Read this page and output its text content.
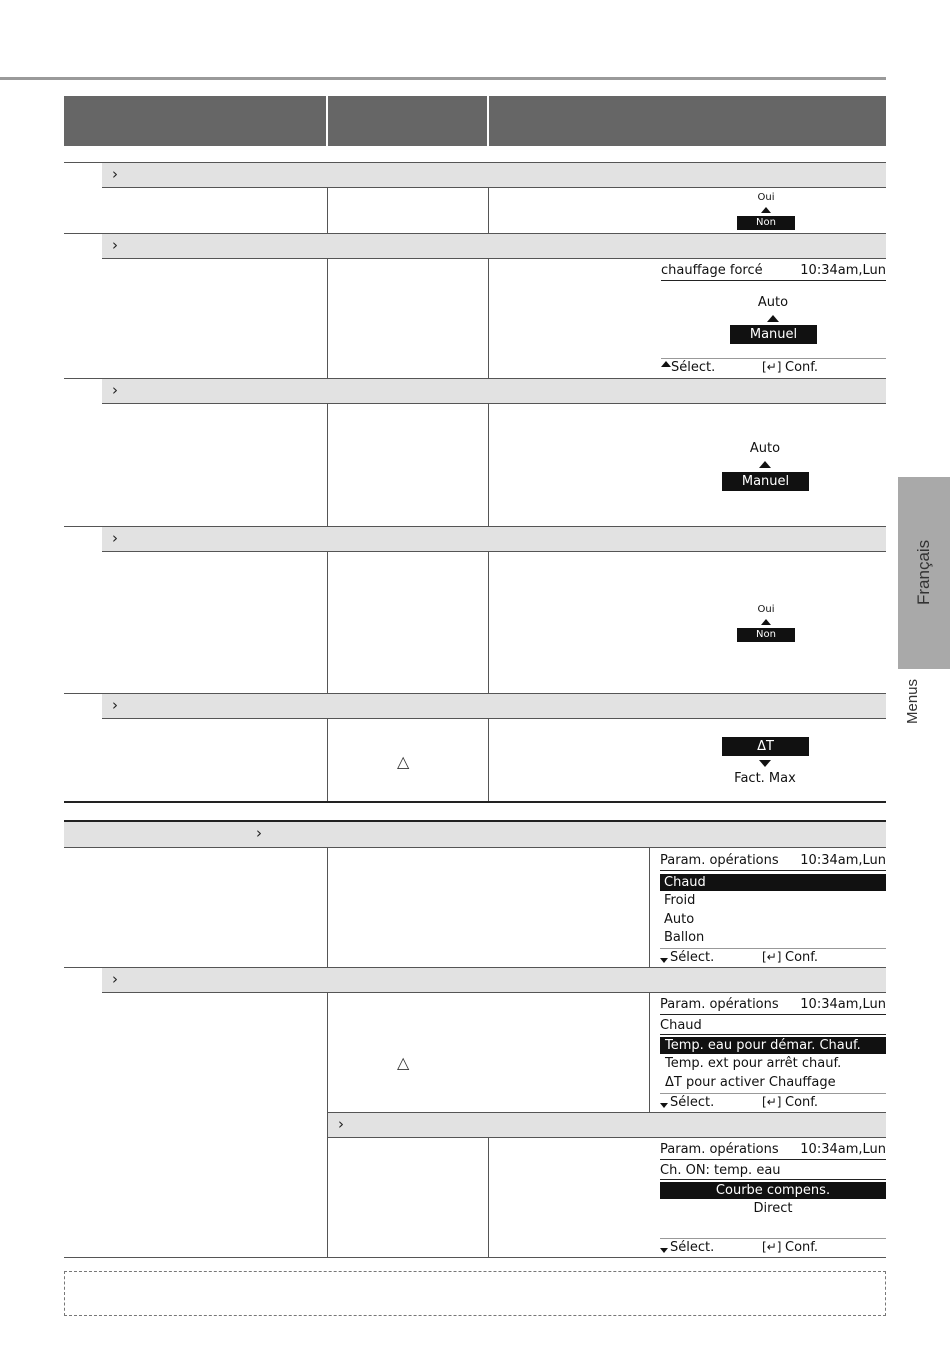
›
Oui
Non
›
chauffage forcé	10:34am,Lun
Auto
Manuel
Sélect.	[↵] Conf.
›
Auto
Manuel
›
Oui
Non
›
△
ΔT
Fact. Max
›
Param. opérations	10:34am,Lun
Chaud
Froid
Auto
Ballon
Sélect.	[↵] Conf.
›
△
Param. opérations	10:34am,Lun
Chaud
Temp. eau pour démar. Chauf.
Temp. ext pour arrêt chauf.
ΔT pour activer Chauffage
Sélect.	[↵] Conf.
›
Param. opérations	10:34am,Lun
Ch. ON: temp. eau
Courbe compens.
Direct
Sélect.	[↵] Conf.
Français
Menus
